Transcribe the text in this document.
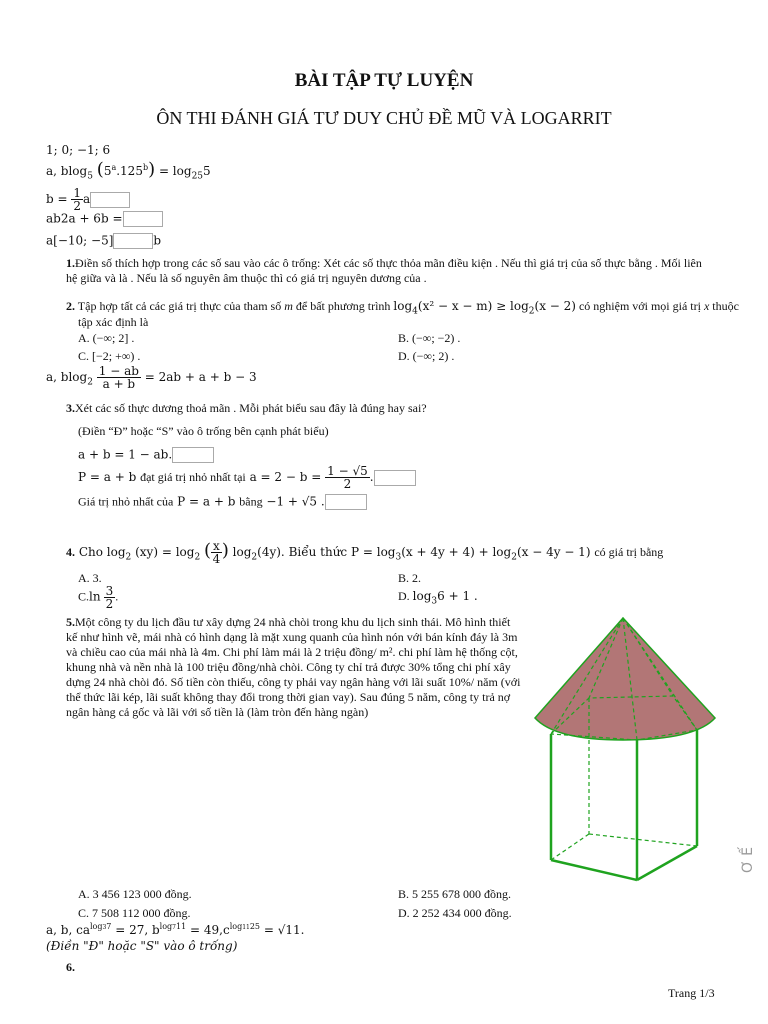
BÀI TẬP TỰ LUYỆN
ÔN THI ĐÁNH GIÁ TƯ DUY CHỦ ĐỀ MŨ VÀ LOGARRIT
1; 0; −1; 6
a, blog$_5$ $(5^a.125^b) = \log_{25}5$
$b = \frac{1}{2}$ a
ab2a + 6b =
a[−10; −5]	b
1.Điền số thích hợp trong các số sau vào các ô trống: Xét các số thực thỏa mãn điều kiện . Nếu thì giá trị của số thực bằng . Mối liên hệ giữa và là . Nếu là số nguyên âm thuộc thì có giá trị nguyên dương của .
2. Tập hợp tất cả các giá trị thực của tham số m để bất phương trình $\log_4(x^2 - x - m) \ge \log_2(x - 2)$ có nghiệm với mọi giá trị x thuộc
tập xác định là
A. (−∞; 2] .	B. (−∞; −2) .
C. [−2; +∞) .	D. (−∞; 2) .
a, $blog_2 \frac{1 - ab}{a + b} = 2ab + a + b - 3$
3.Xét các số thực dương thoả mãn . Mỗi phát biểu sau đây là đúng hay sai?
(Điền “Đ” hoặc “S” vào ô trống bên cạnh phát biểu)
a + b = 1 − ab.
P = a + b đạt giá trị nhỏ nhất tại $a = 2 - b = \frac{1 - √5}{2}$ .
Giá trị nhỏ nhất của P = a + b bằng −1 + √5 .
4. Cho $\log_2 (xy) = \log_2$ ( $\frac{x}{4}$ ) $\log_2(4y)$. Biểu thức $P = \log_3(x + 4y + 4) + \log_2(x - 4y - 1)$ có giá trị bằng
A. 3.	B. 2.
$C.\ln \frac{3}{2}$ .	D. $\log_36 + 1$ .
5.Một công ty du lịch đầu tư xây dựng 24 nhà chòi trong khu du lịch sinh thái. Mô hình thiết kế như hình vẽ, mái nhà có hình dạng là mặt xung quanh của hình nón với bán kính đáy là 3m và chiều cao của mái nhà là 4m. Chi phí làm mái là 2 triệu đồng/ m². chi phí làm hệ thống cột, khung nhà và nền nhà là 100 triệu đồng/nhà chòi. Công ty chỉ trả được 30% tổng chi phí xây dựng 24 nhà chòi đó. Số tiền còn thiếu, công ty phải vay ngân hàng với lãi suất 10%/ năm (với thể thức lãi kép, lãi suất không thay đổi trong thời gian vay). Sau đúng 5 năm, công ty trả nợ ngân hàng cả gốc và lãi với số tiền là (làm tròn đến hàng ngàn)
A. 3 456 123 000 đồng.	B. 5 255 678 000 đồng.
C. 7 508 112 000 đồng.	D. 2 252 434 000 đồng.
a, b, $ca^{log37} = 27$, $b^{log711} = 49,c^{log1125} = √11$.
(Điền "Đ" hoặc "S" vào ô trống)
6.
Trang 1/3
Ơ Ế
